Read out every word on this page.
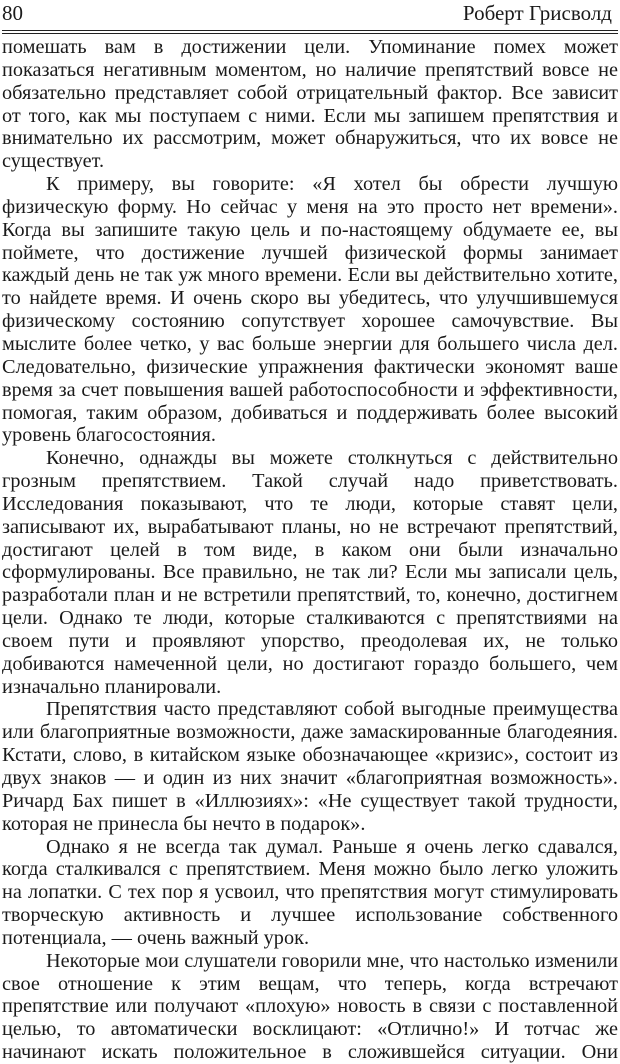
80	Роберт Грисволд

помешать вам в достижении цели. Упоминание помех может показаться негативным моментом, но наличие препятствий вовсе не обязательно представляет собой отрицательный фактор. Все зависит от того, как мы поступаем с ними. Если мы запишем препятствия и внимательно их рассмотрим, может обнаружиться, что их вовсе не существует.

К примеру, вы говорите: «Я хотел бы обрести лучшую физическую форму. Но сейчас у меня на это просто нет времени». Когда вы запишите такую цель и по-настоящему обдумаете ее, вы поймете, что достижение лучшей физической формы занимает каждый день не так уж много времени. Если вы действительно хотите, то найдете время. И очень скоро вы убедитесь, что улучшившемуся физическому состоянию сопутствует хорошее самочувствие. Вы мыслите более четко, у вас больше энергии для большего числа дел. Следовательно, физические упражнения фактически экономят ваше время за счет повышения вашей работоспособности и эффективности, помогая, таким образом, добиваться и поддерживать более высокий уровень благосостояния.

Конечно, однажды вы можете столкнуться с действительно грозным препятствием. Такой случай надо приветствовать. Исследования показывают, что те люди, которые ставят цели, записывают их, вырабатывают планы, но не встречают препятствий, достигают целей в том виде, в каком они были изначально сформулированы. Все правильно, не так ли? Если мы записали цель, разработали план и не встретили препятствий, то, конечно, достигнем цели. Однако те люди, которые сталкиваются с препятствиями на своем пути и проявляют упорство, преодолевая их, не только добиваются намеченной цели, но достигают гораздо большего, чем изначально планировали.

Препятствия часто представляют собой выгодные преимущества или благоприятные возможности, даже замаскированные благодеяния. Кстати, слово, в китайском языке обозначающее «кризис», состоит из двух знаков — и один из них значит «благоприятная возможность». Ричард Бах пишет в «Иллюзиях»: «Не существует такой трудности, которая не принесла бы нечто в подарок».

Однако я не всегда так думал. Раньше я очень легко сдавался, когда сталкивался с препятствием. Меня можно было легко уложить на лопатки. С тех пор я усвоил, что препятствия могут стимулировать творческую активность и лучшее использование собственного потенциала, — очень важный урок.

Некоторые мои слушатели говорили мне, что настолько изменили свое отношение к этим вещам, что теперь, когда встречают препятствие или получают «плохую» новость в связи с поставленной целью, то автоматически восклицают: «Отлично!» И тотчас же начинают искать положительное в сложившейся ситуации. Они
